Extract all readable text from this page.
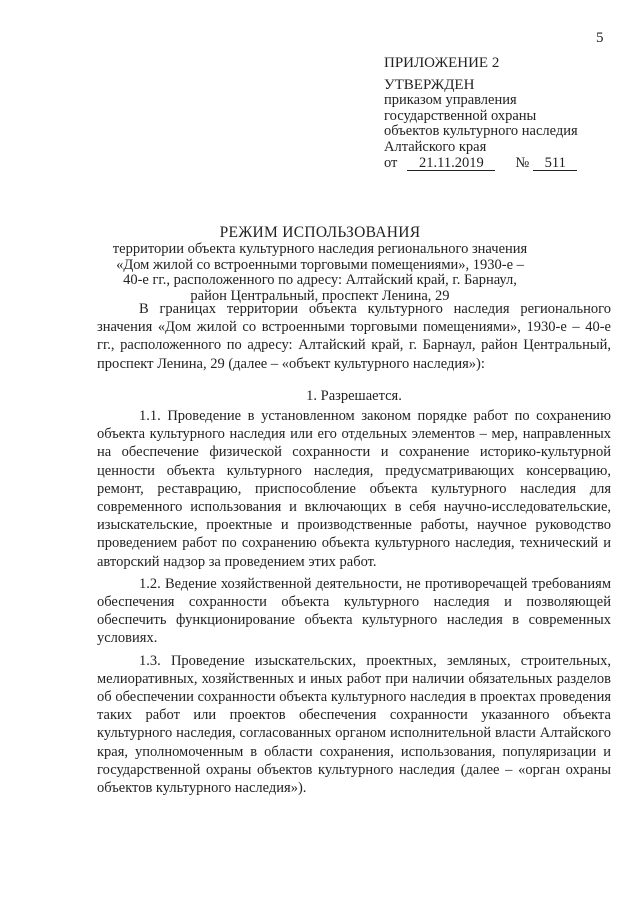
5
ПРИЛОЖЕНИЕ 2
УТВЕРЖДЕН
приказом управления
государственной охраны
объектов культурного наследия
Алтайского края
от 21.11.2019 № 511
РЕЖИМ ИСПОЛЬЗОВАНИЯ
территории объекта культурного наследия регионального значения
«Дом жилой со встроенными торговыми помещениями», 1930-е –
40-е гг., расположенного по адресу: Алтайский край, г. Барнаул,
район Центральный, проспект Ленина, 29

В границах территории объекта культурного наследия регионального значения «Дом жилой со встроенными торговыми помещениями», 1930-е – 40-е гг., расположенного по адресу: Алтайский край, г. Барнаул, район Центральный, проспект Ленина, 29 (далее – «объект культурного наследия»):

1. Разрешается.

1.1. Проведение в установленном законом порядке работ по сохранению объекта культурного наследия или его отдельных элементов – мер, направленных на обеспечение физической сохранности и сохранение историко-культурной ценности объекта культурного наследия, предусматривающих консервацию, ремонт, реставрацию, приспособление объекта культурного наследия для современного использования и включающих в себя научно-исследовательские, изыскательские, проектные и производственные работы, научное руководство проведением работ по сохранению объекта культурного наследия, технический и авторский надзор за проведением этих работ.

1.2. Ведение хозяйственной деятельности, не противоречащей требованиям обеспечения сохранности объекта культурного наследия и позволяющей обеспечить функционирование объекта культурного наследия в современных условиях.

1.3. Проведение изыскательских, проектных, земляных, строительных, мелиоративных, хозяйственных и иных работ при наличии обязательных разделов об обеспечении сохранности объекта культурного наследия в проектах проведения таких работ или проектов обеспечения сохранности указанного объекта культурного наследия, согласованных органом исполнительной власти Алтайского края, уполномоченным в области сохранения, использования, популяризации и государственной охраны объектов культурного наследия (далее – «орган охраны объектов культурного наследия»).
